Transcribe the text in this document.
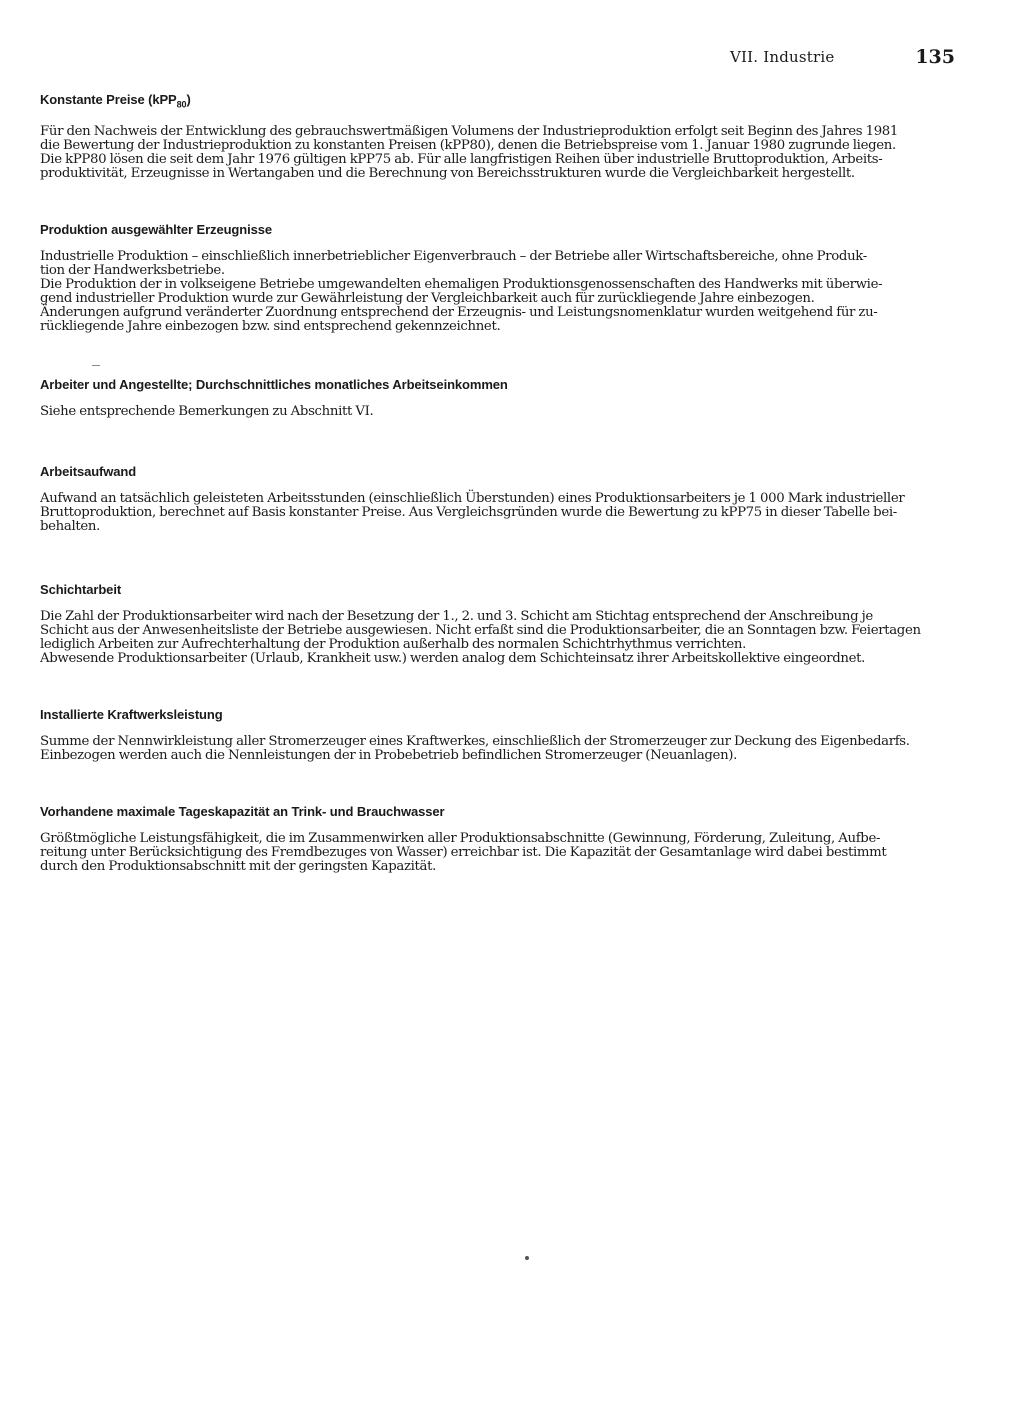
VII. Industrie	135
Konstante Preise (kPP$_{80}$)

Für den Nachweis der Entwicklung des gebrauchswertmäßigen Volumens der Industrieproduktion erfolgt seit Beginn des Jahres 1981
die Bewertung der Industrieproduktion zu konstanten Preisen (kPP80), denen die Betriebspreise vom 1. Januar 1980 zugrunde liegen.
Die kPP80 lösen die seit dem Jahr 1976 gültigen kPP75 ab. Für alle langfristigen Reihen über industrielle Bruttoproduktion, Arbeits-
produktivität, Erzeugnisse in Wertangaben und die Berechnung von Bereichsstrukturen wurde die Vergleichbarkeit hergestellt.

Produktion ausgewählter Erzeugnisse

Industrielle Produktion – einschließlich innerbetrieblicher Eigenverbrauch – der Betriebe aller Wirtschaftsbereiche, ohne Produk-
tion der Handwerksbetriebe.
Die Produktion der in volkseigene Betriebe umgewandelten ehemaligen Produktionsgenossenschaften des Handwerks mit überwie-
gend industrieller Produktion wurde zur Gewährleistung der Vergleichbarkeit auch für zurückliegende Jahre einbezogen.
Änderungen aufgrund veränderter Zuordnung entsprechend der Erzeugnis- und Leistungsnomenklatur wurden weitgehend für zu-
rückliegende Jahre einbezogen bzw. sind entsprechend gekennzeichnet.

Arbeiter und Angestellte; Durchschnittliches monatliches Arbeitseinkommen

Siehe entsprechende Bemerkungen zu Abschnitt VI.

Arbeitsaufwand

Aufwand an tatsächlich geleisteten Arbeitsstunden (einschließlich Überstunden) eines Produktionsarbeiters je 1 000 Mark industrieller
Bruttoproduktion, berechnet auf Basis konstanter Preise. Aus Vergleichsgründen wurde die Bewertung zu kPP75 in dieser Tabelle bei-
behalten.

Schichtarbeit

Die Zahl der Produktionsarbeiter wird nach der Besetzung der 1., 2. und 3. Schicht am Stichtag entsprechend der Anschreibung je
Schicht aus der Anwesenheitsliste der Betriebe ausgewiesen. Nicht erfaßt sind die Produktionsarbeiter, die an Sonntagen bzw. Feiertagen
lediglich Arbeiten zur Aufrechterhaltung der Produktion außerhalb des normalen Schichtrhythmus verrichten.
Abwesende Produktionsarbeiter (Urlaub, Krankheit usw.) werden analog dem Schichteinsatz ihrer Arbeitskollektive eingeordnet.

Installierte Kraftwerksleistung

Summe der Nennwirkleistung aller Stromerzeuger eines Kraftwerkes, einschließlich der Stromerzeuger zur Deckung des Eigenbedarfs.
Einbezogen werden auch die Nennleistungen der in Probebetrieb befindlichen Stromerzeuger (Neuanlagen).

Vorhandene maximale Tageskapazität an Trink- und Brauchwasser

Größtmögliche Leistungsfähigkeit, die im Zusammenwirken aller Produktionsabschnitte (Gewinnung, Förderung, Zuleitung, Aufbe-
reitung unter Berücksichtigung des Fremdbezuges von Wasser) erreichbar ist. Die Kapazität der Gesamtanlage wird dabei bestimmt
durch den Produktionsabschnitt mit der geringsten Kapazität.
